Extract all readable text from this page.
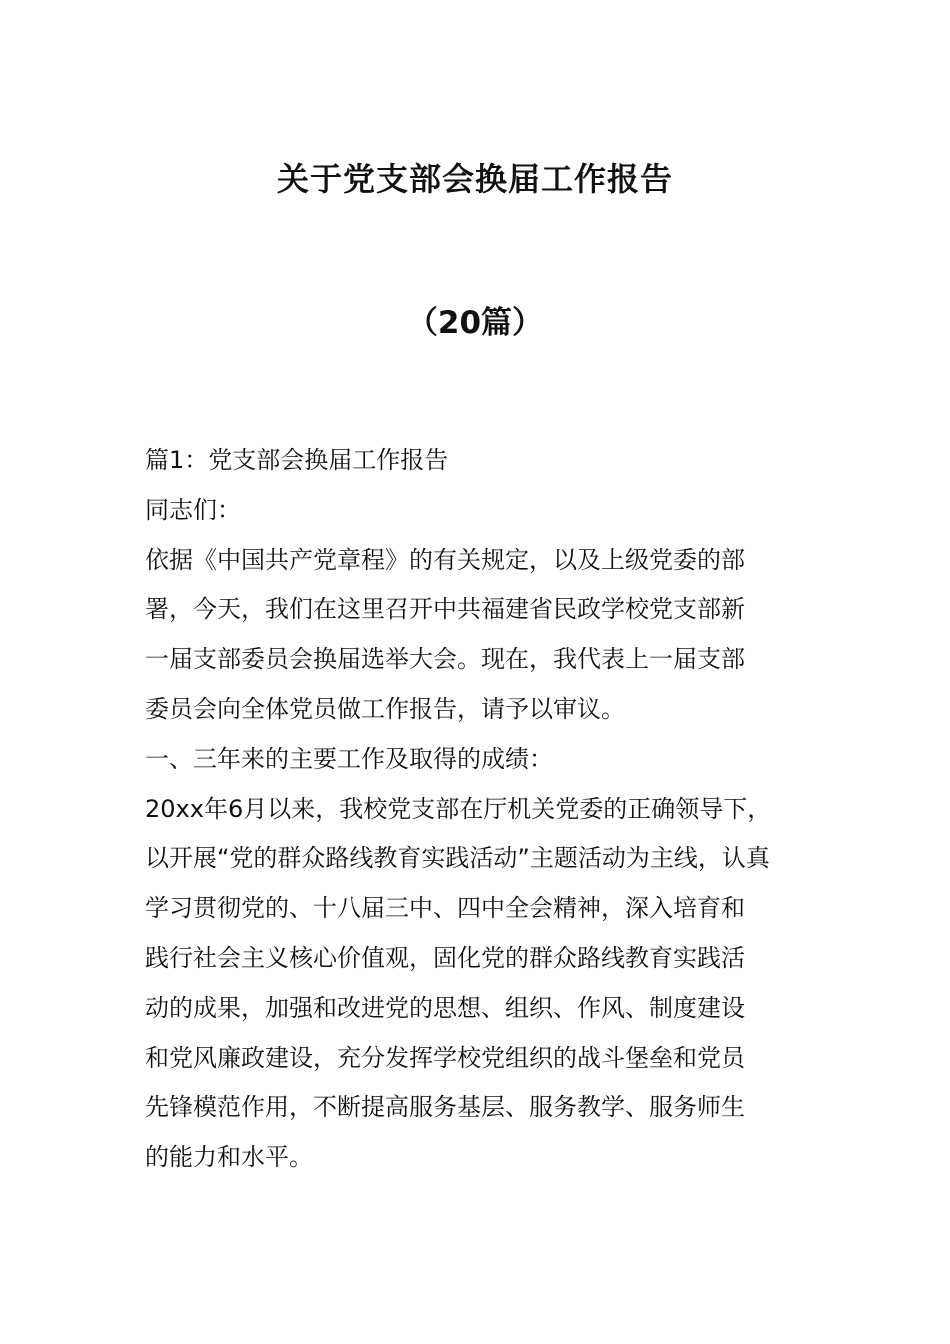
关于党支部会换届工作报告
（20篇）

篇1：党支部会换届工作报告

同志们：

依据《中国共产党章程》的有关规定，以及上级党委的部

署，今天，我们在这里召开中共福建省民政学校党支部新

一届支部委员会换届选举大会。现在，我代表上一届支部

委员会向全体党员做工作报告，请予以审议。

一、三年来的主要工作及取得的成绩：

20xx年6月以来，我校党支部在厅机关党委的正确领导下，

以开展“党的群众路线教育实践活动”主题活动为主线，认真

学习贯彻党的、十八届三中、四中全会精神，深入培育和

践行社会主义核心价值观，固化党的群众路线教育实践活

动的成果，加强和改进党的思想、组织、作风、制度建设

和党风廉政建设，充分发挥学校党组织的战斗堡垒和党员

先锋模范作用，不断提高服务基层、服务教学、服务师生

的能力和水平。
